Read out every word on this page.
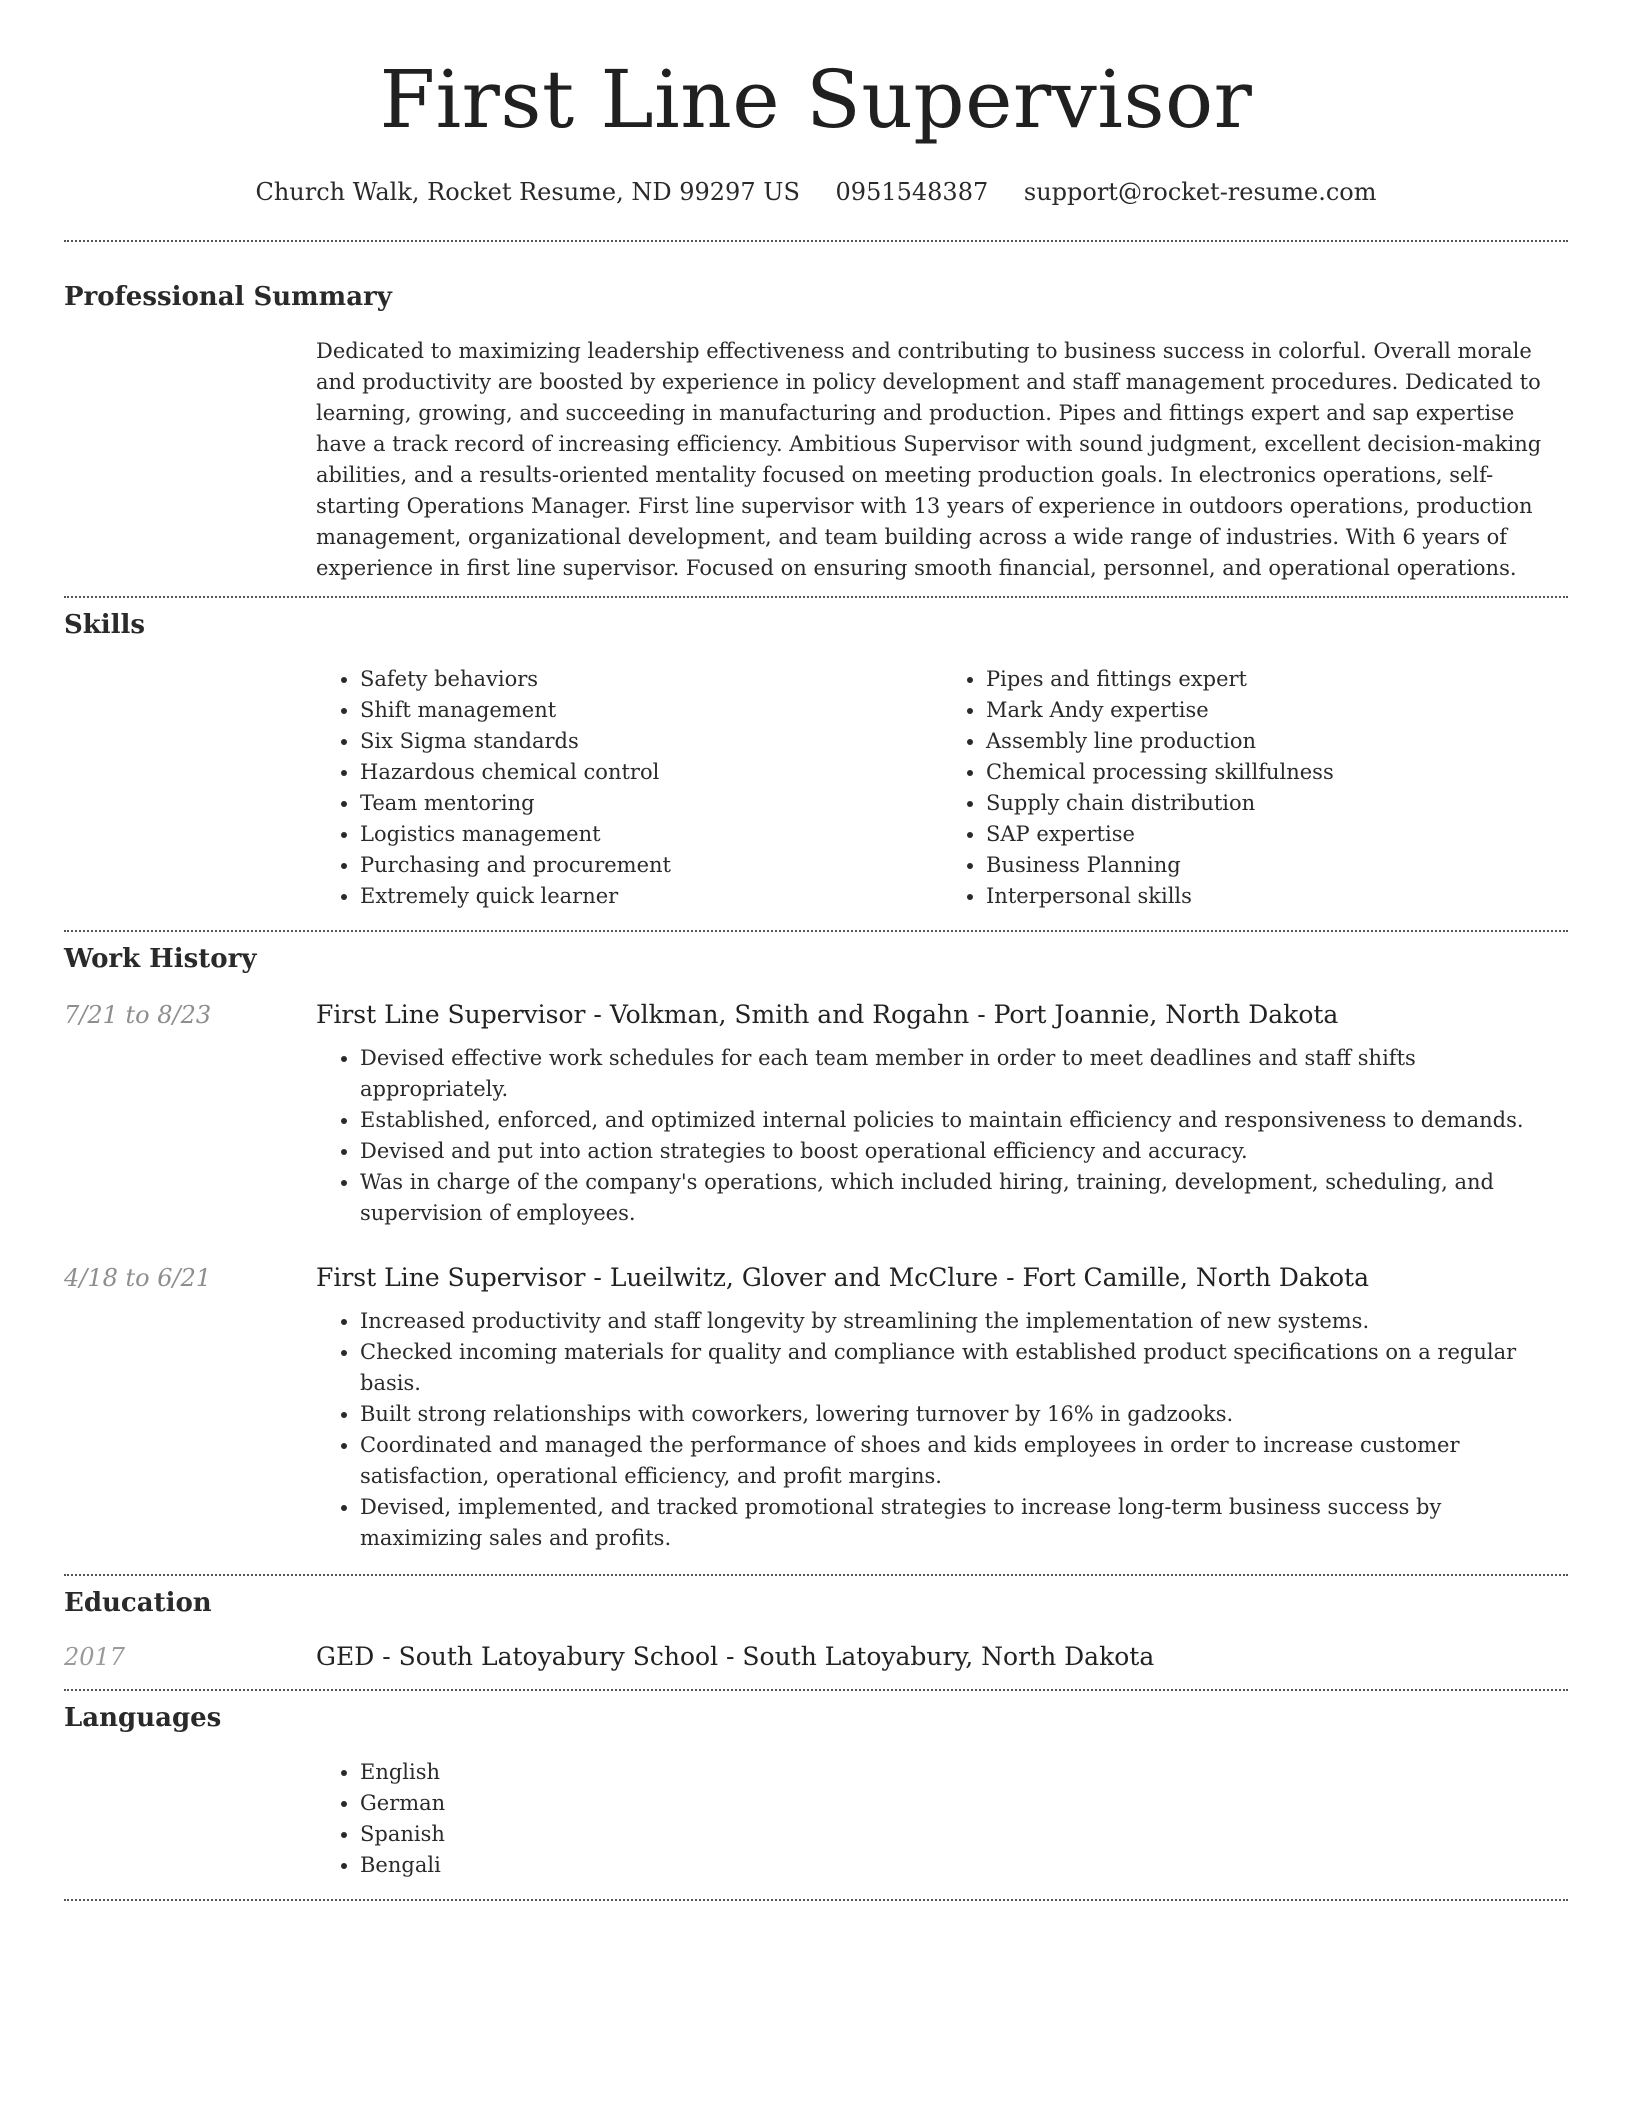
First Line Supervisor
Church Walk, Rocket Resume, ND 99297 US 0951548387 support@rocket-resume.com
Professional Summary

Dedicated to maximizing leadership effectiveness and contributing to business success in colorful. Overall morale and productivity are boosted by experience in policy development and staff management procedures. Dedicated to learning, growing, and succeeding in manufacturing and production. Pipes and fittings expert and sap expertise have a track record of increasing efficiency. Ambitious Supervisor with sound judgment, excellent decision-making abilities, and a results-oriented mentality focused on meeting production goals. In electronics operations, self-starting Operations Manager. First line supervisor with 13 years of experience in outdoors operations, production management, organizational development, and team building across a wide range of industries. With 6 years of experience in first line supervisor. Focused on ensuring smooth financial, personnel, and operational operations.

Skills
• Safety behaviors
• Shift management
• Six Sigma standards
• Hazardous chemical control
• Team mentoring
• Logistics management
• Purchasing and procurement
• Extremely quick learner
• Pipes and fittings expert
• Mark Andy expertise
• Assembly line production
• Chemical processing skillfulness
• Supply chain distribution
• SAP expertise
• Business Planning
• Interpersonal skills
Work History
7/21 to 8/23	First Line Supervisor - Volkman, Smith and Rogahn - Port Joannie, North Dakota
• Devised effective work schedules for each team member in order to meet deadlines and staff shifts appropriately.
• Established, enforced, and optimized internal policies to maintain efficiency and responsiveness to demands.
• Devised and put into action strategies to boost operational efficiency and accuracy.
• Was in charge of the company's operations, which included hiring, training, development, scheduling, and supervision of employees.
4/18 to 6/21	First Line Supervisor - Lueilwitz, Glover and McClure - Fort Camille, North Dakota
• Increased productivity and staff longevity by streamlining the implementation of new systems.
• Checked incoming materials for quality and compliance with established product specifications on a regular basis.
• Built strong relationships with coworkers, lowering turnover by 16% in gadzooks.
• Coordinated and managed the performance of shoes and kids employees in order to increase customer satisfaction, operational efficiency, and profit margins.
• Devised, implemented, and tracked promotional strategies to increase long-term business success by maximizing sales and profits.
Education
2017	GED - South Latoyabury School - South Latoyabury, North Dakota
Languages
• English
• German
• Spanish
• Bengali
